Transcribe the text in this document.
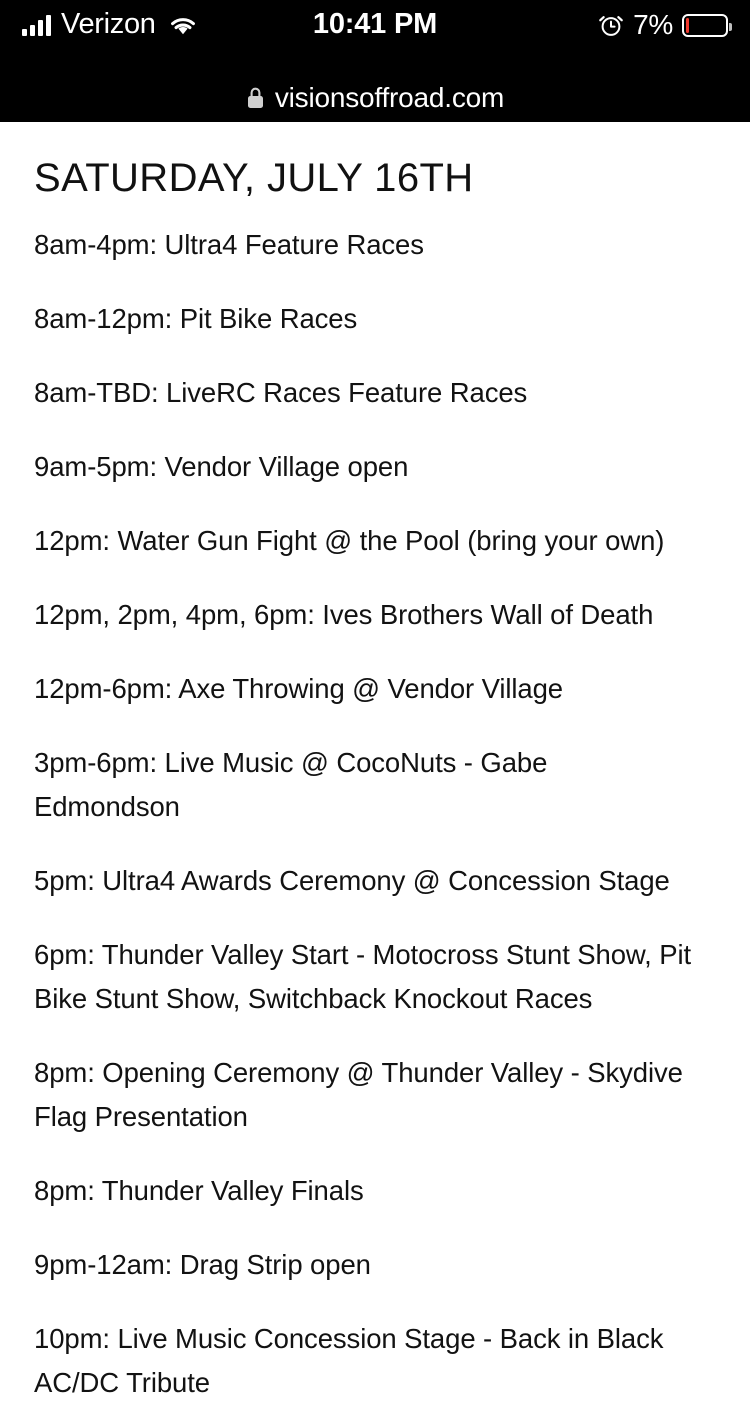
Verizon	10:41 PM	7%
visionsoffroad.com
SATURDAY, JULY 16TH
8am-4pm: Ultra4 Feature Races
8am-12pm: Pit Bike Races
8am-TBD: LiveRC Races Feature Races
9am-5pm: Vendor Village open
12pm: Water Gun Fight @ the Pool (bring your own)
12pm, 2pm, 4pm, 6pm: Ives Brothers Wall of Death
12pm-6pm: Axe Throwing @ Vendor Village
3pm-6pm: Live Music @ CocoNuts - Gabe Edmondson
5pm: Ultra4 Awards Ceremony @ Concession Stage
6pm: Thunder Valley Start - Motocross Stunt Show, Pit Bike Stunt Show, Switchback Knockout Races
8pm: Opening Ceremony @ Thunder Valley - Skydive Flag Presentation
8pm: Thunder Valley Finals
9pm-12am: Drag Strip open
10pm: Live Music Concession Stage - Back in Black AC/DC Tribute
